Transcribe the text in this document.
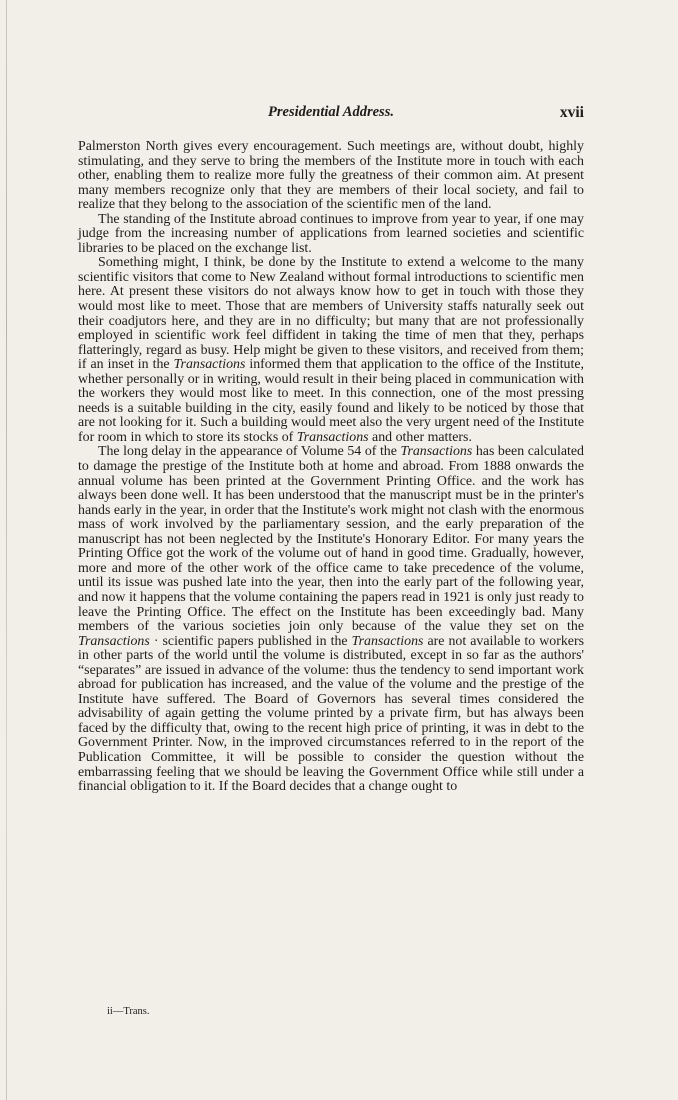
Presidential Address.	xvii

Palmerston North gives every encouragement. Such meetings are, without doubt, highly stimulating, and they serve to bring the members of the Institute more in touch with each other, enabling them to realize more fully the greatness of their common aim. At present many members recognize only that they are members of their local society, and fail to realize that they belong to the association of the scientific men of the land.

The standing of the Institute abroad continues to improve from year to year, if one may judge from the increasing number of applications from learned societies and scientific libraries to be placed on the exchange list.

Something might, I think, be done by the Institute to extend a welcome to the many scientific visitors that come to New Zealand without formal introductions to scientific men here. At present these visitors do not always know how to get in touch with those they would most like to meet. Those that are members of University staffs naturally seek out their coadjutors here, and they are in no difficulty; but many that are not professionally employed in scientific work feel diffident in taking the time of men that they, perhaps flatteringly, regard as busy. Help might be given to these visitors, and received from them; if an inset in the Transactions informed them that application to the office of the Institute, whether personally or in writing, would result in their being placed in communication with the workers they would most like to meet. In this connection, one of the most pressing needs is a suitable building in the city, easily found and likely to be noticed by those that are not looking for it. Such a building would meet also the very urgent need of the Institute for room in which to store its stocks of Transactions and other matters.

The long delay in the appearance of Volume 54 of the Transactions has been calculated to damage the prestige of the Institute both at home and abroad. From 1888 onwards the annual volume has been printed at the Government Printing Office. and the work has always been done well. It has been understood that the manuscript must be in the printer's hands early in the year, in order that the Institute's work might not clash with the enormous mass of work involved by the parliamentary session, and the early preparation of the manuscript has not been neglected by the Institute's Honorary Editor. For many years the Printing Office got the work of the volume out of hand in good time. Gradually, however, more and more of the other work of the office came to take precedence of the volume, until its issue was pushed late into the year, then into the early part of the following year, and now it happens that the volume containing the papers read in 1921 is only just ready to leave the Printing Office. The effect on the Institute has been exceedingly bad. Many members of the various societies join only because of the value they set on the Transactions · scientific papers published in the Transactions are not available to workers in other parts of the world until the volume is distributed, except in so far as the authors' “separates” are issued in advance of the volume: thus the tendency to send important work abroad for publication has increased, and the value of the volume and the prestige of the Institute have suffered. The Board of Governors has several times considered the advisability of again getting the volume printed by a private firm, but has always been faced by the difficulty that, owing to the recent high price of printing, it was in debt to the Government Printer. Now, in the improved circumstances referred to in the report of the Publication Committee, it will be possible to consider the question without the embarrassing feeling that we should be leaving the Government Office while still under a financial obligation to it. If the Board decides that a change ought to

ii—Trans.
